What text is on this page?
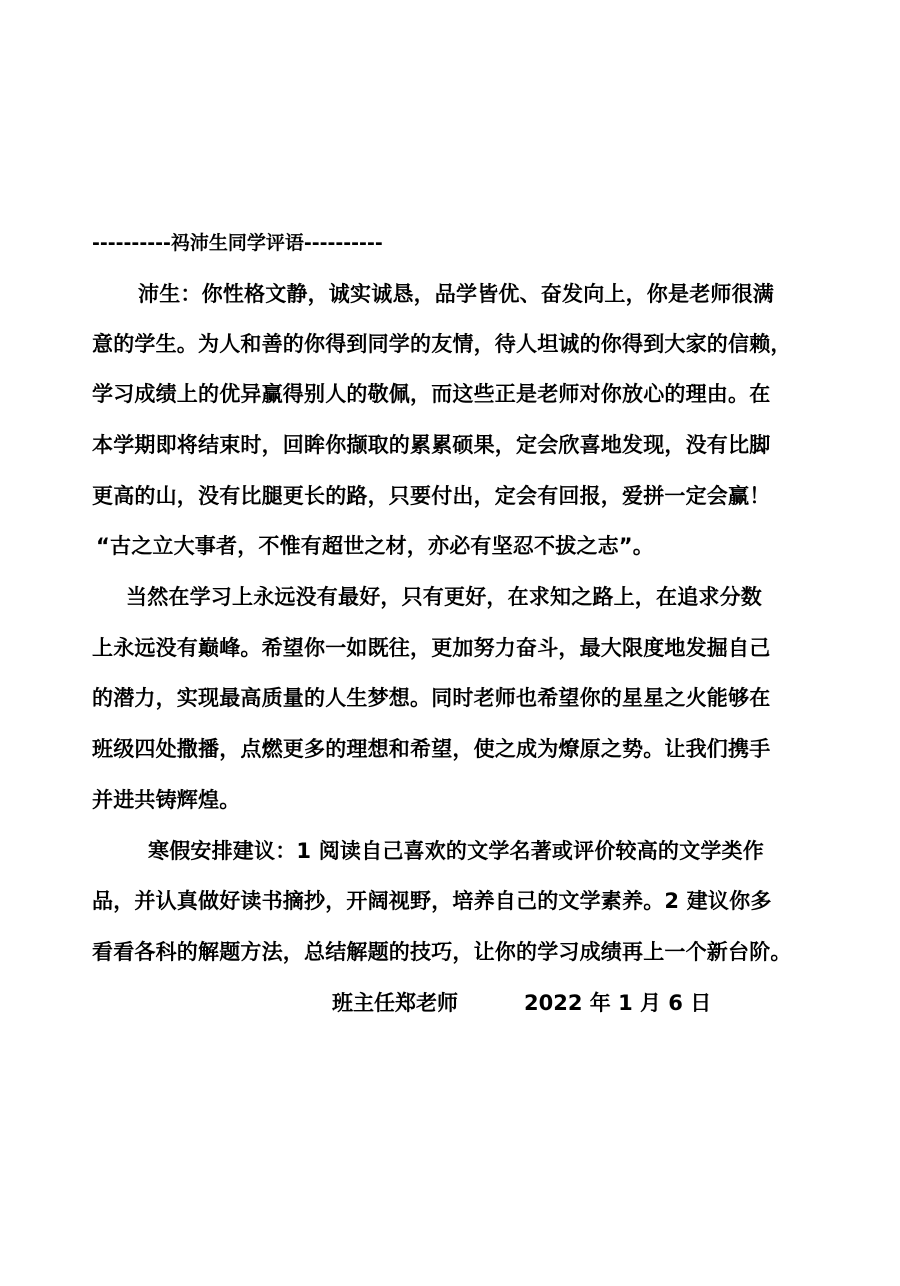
----------祃沛生同学评语----------
沛生：你性格文静，诚实诚恳，品学皆优、奋发向上，你是老师很满
意的学生。为人和善的你得到同学的友情，待人坦诚的你得到大家的信赖，
学习成绩上的优异赢得别人的敬佩，而这些正是老师对你放心的理由。在
本学期即将结束时，回眸你撷取的累累硕果，定会欣喜地发现，没有比脚
更高的山，没有比腿更长的路，只要付出，定会有回报，爱拼一定会赢！
“古之立大事者，不惟有超世之材，亦必有坚忍不拔之志”。
当然在学习上永远没有最好，只有更好，在求知之路上，在追求分数
上永远没有巅峰。希望你一如既往，更加努力奋斗，最大限度地发掘自己
的潜力，实现最高质量的人生梦想。同时老师也希望你的星星之火能够在
班级四处撒播，点燃更多的理想和希望，使之成为燎原之势。让我们携手
并进共铸辉煌。
寒假安排建议：1 阅读自己喜欢的文学名著或评价较高的文学类作
品，并认真做好读书摘抄，开阔视野，培养自己的文学素养。2 建议你多
看看各科的解题方法，总结解题的技巧，让你的学习成绩再上一个新台阶。
班主任郑老师	2022 年 1 月 6 日
